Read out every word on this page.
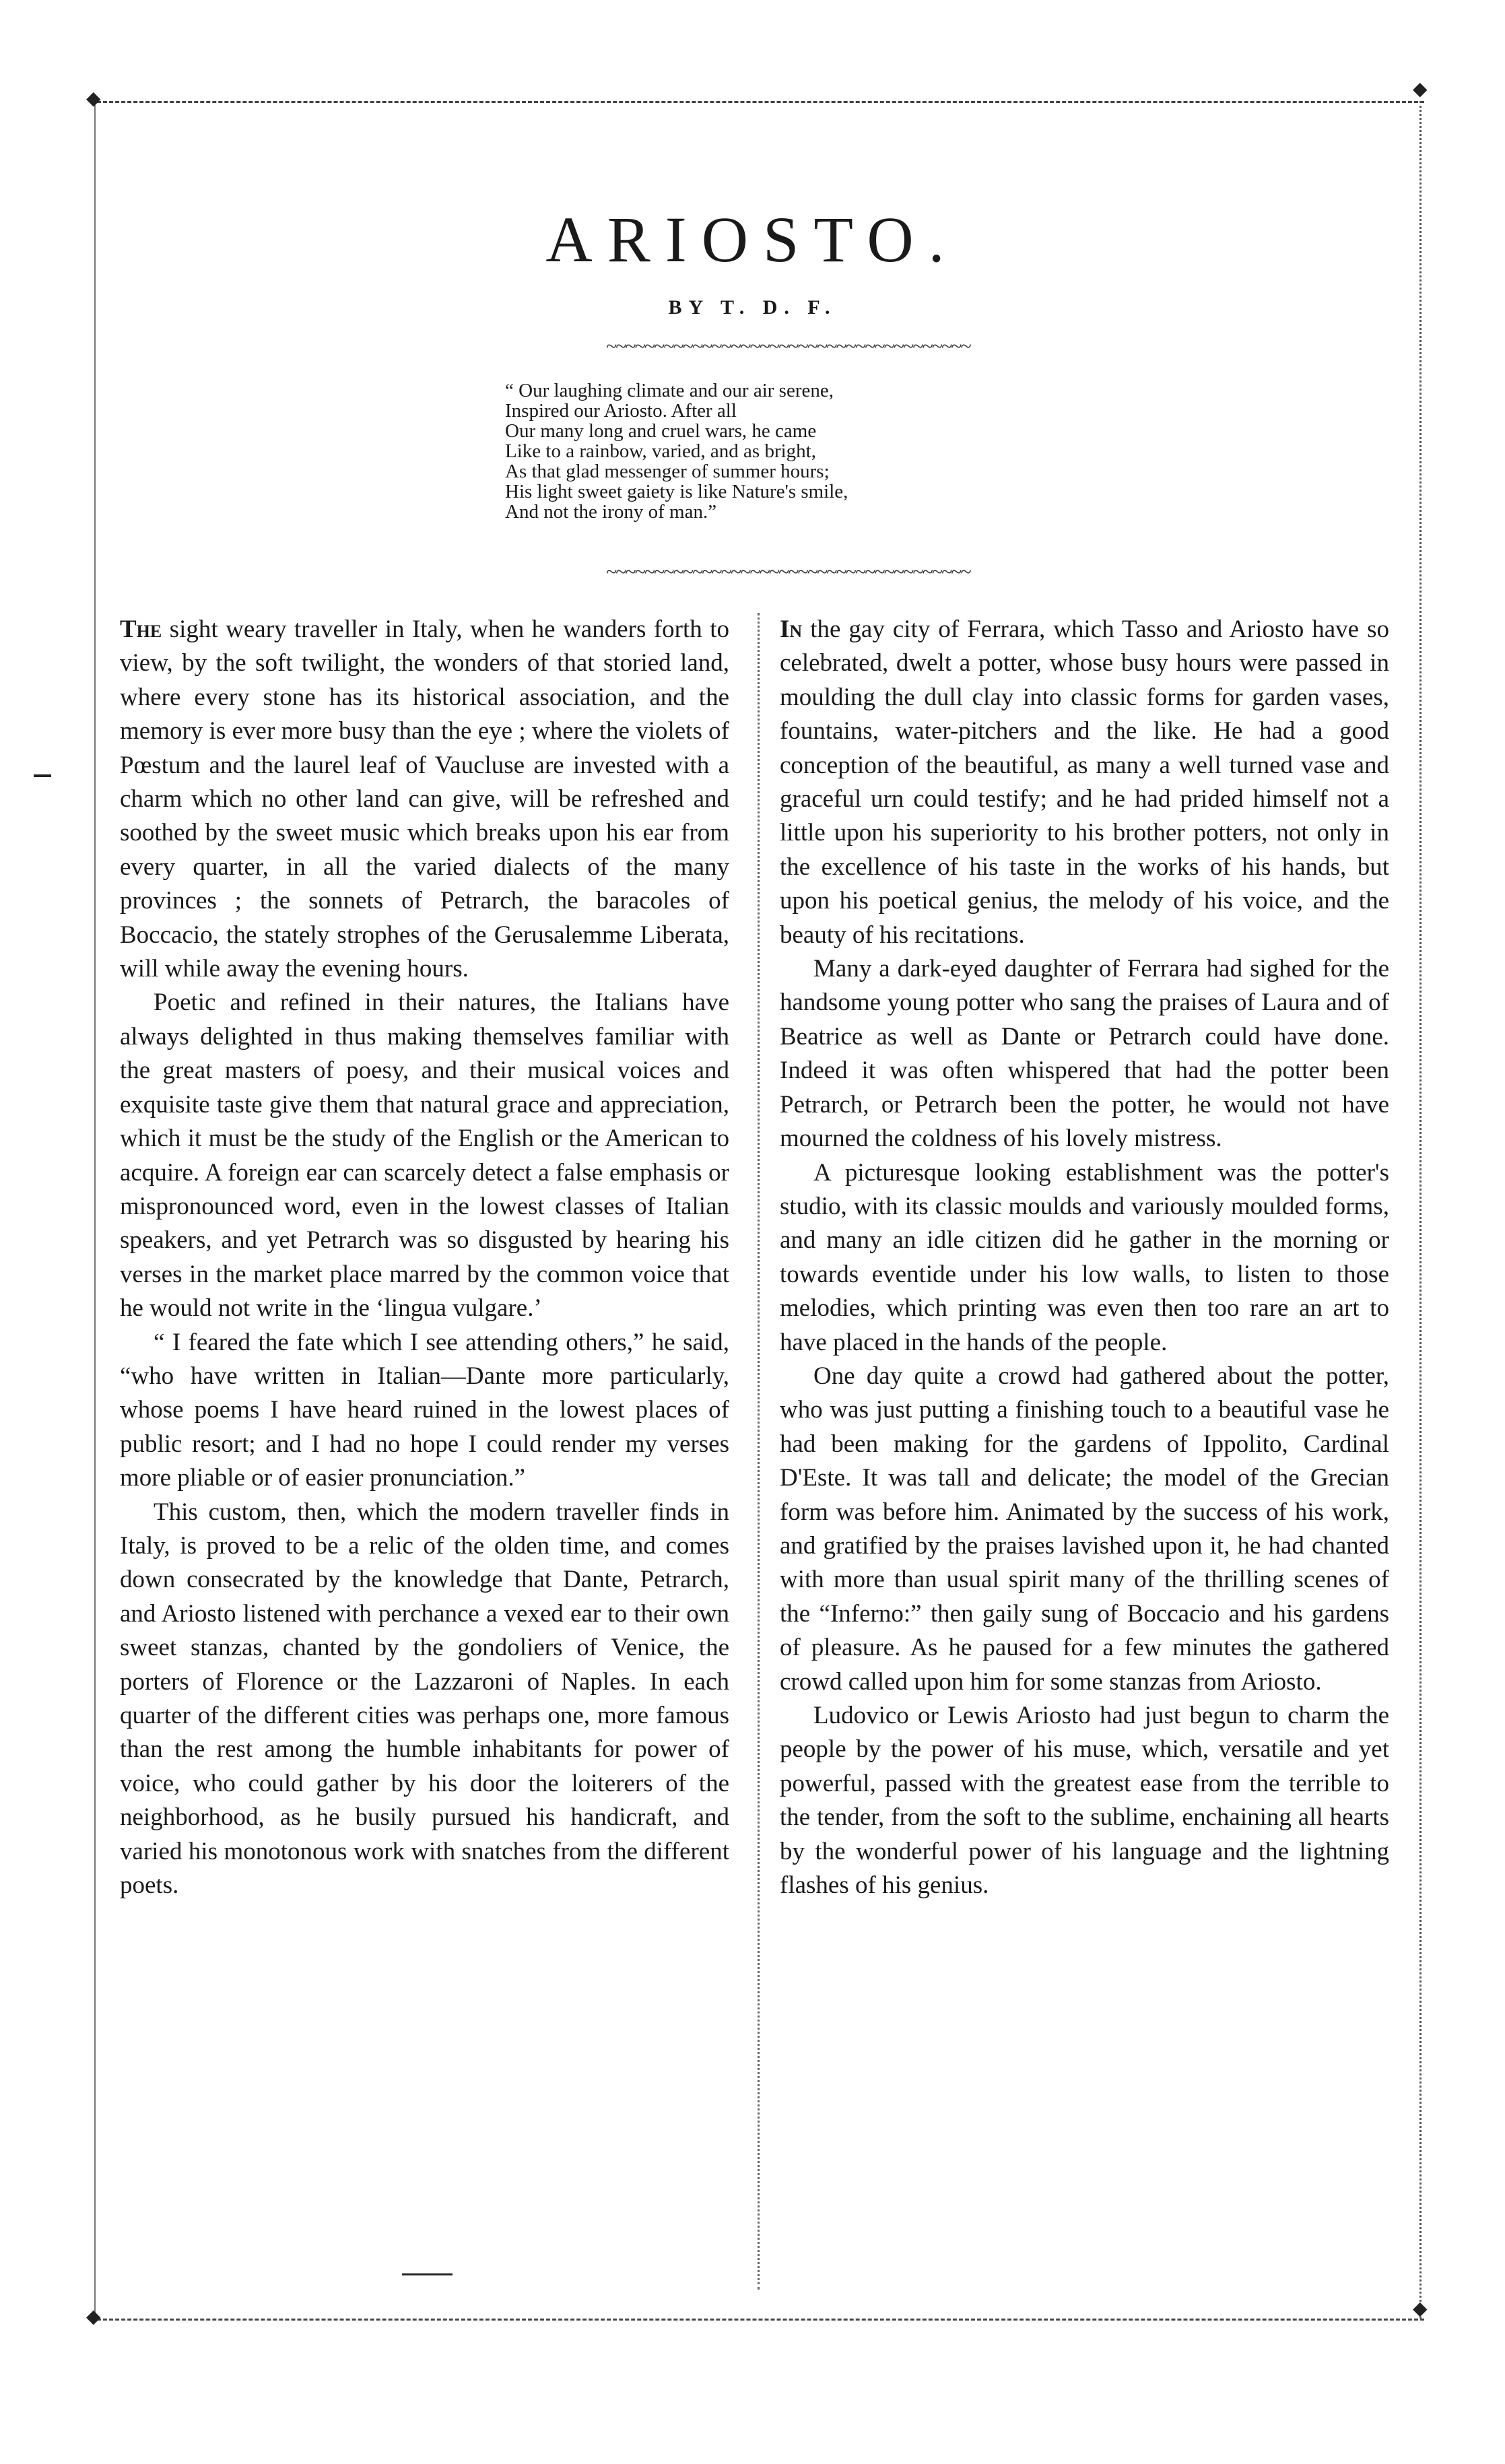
◆	◆
◆	◆
ARIOSTO.
BY T. D. F.
~~~~~~~~~~~~~~~~~~~~~~~~~~~~~~~~~~~~~~
“ Our laughing climate and our air serene,
Inspired our Ariosto. After all
Our many long and cruel wars, he came
Like to a rainbow, varied, and as bright,
As that glad messenger of summer hours;
His light sweet gaiety is like Nature's smile,
And not the irony of man.”
~~~~~~~~~~~~~~~~~~~~~~~~~~~~~~~~~~~~~~

The sight weary traveller in Italy, when he wanders forth to view, by the soft twilight, the wonders of that storied land, where every stone has its historical association, and the memory is ever more busy than the eye ; where the violets of Pœstum and the laurel leaf of Vaucluse are invested with a charm which no other land can give, will be refreshed and soothed by the sweet music which breaks upon his ear from every quarter, in all the varied dialects of the many provinces ; the sonnets of Petrarch, the baracoles of Boccacio, the stately strophes of the Gerusalemme Liberata, will while away the evening hours.

Poetic and refined in their natures, the Italians have always delighted in thus making themselves familiar with the great masters of poesy, and their musical voices and exquisite taste give them that natural grace and appreciation, which it must be the study of the English or the American to acquire. A foreign ear can scarcely detect a false emphasis or mispronounced word, even in the lowest classes of Italian speakers, and yet Petrarch was so disgusted by hearing his verses in the market place marred by the common voice that he would not write in the ‘lingua vulgare.’

“ I feared the fate which I see attending others,” he said, “who have written in Italian—Dante more particularly, whose poems I have heard ruined in the lowest places of public resort; and I had no hope I could render my verses more pliable or of easier pronunciation.”

This custom, then, which the modern traveller finds in Italy, is proved to be a relic of the olden time, and comes down consecrated by the knowledge that Dante, Petrarch, and Ariosto listened with perchance a vexed ear to their own sweet stanzas, chanted by the gondoliers of Venice, the porters of Florence or the Lazzaroni of Naples. In each quarter of the different cities was perhaps one, more famous than the rest among the humble inhabitants for power of voice, who could gather by his door the loiterers of the neighborhood, as he busily pursued his handicraft, and varied his monotonous work with snatches from the different poets.

In the gay city of Ferrara, which Tasso and Ariosto have so celebrated, dwelt a potter, whose busy hours were passed in moulding the dull clay into classic forms for garden vases, fountains, water-pitchers and the like. He had a good conception of the beautiful, as many a well turned vase and graceful urn could testify; and he had prided himself not a little upon his superiority to his brother potters, not only in the excellence of his taste in the works of his hands, but upon his poetical genius, the melody of his voice, and the beauty of his recitations.

Many a dark-eyed daughter of Ferrara had sighed for the handsome young potter who sang the praises of Laura and of Beatrice as well as Dante or Petrarch could have done. Indeed it was often whispered that had the potter been Petrarch, or Petrarch been the potter, he would not have mourned the coldness of his lovely mistress.

A picturesque looking establishment was the potter's studio, with its classic moulds and variously moulded forms, and many an idle citizen did he gather in the morning or towards eventide under his low walls, to listen to those melodies, which printing was even then too rare an art to have placed in the hands of the people.

One day quite a crowd had gathered about the potter, who was just putting a finishing touch to a beautiful vase he had been making for the gardens of Ippolito, Cardinal D'Este. It was tall and delicate; the model of the Grecian form was before him. Animated by the success of his work, and gratified by the praises lavished upon it, he had chanted with more than usual spirit many of the thrilling scenes of the “Inferno:” then gaily sung of Boccacio and his gardens of pleasure. As he paused for a few minutes the gathered crowd called upon him for some stanzas from Ariosto.

Ludovico or Lewis Ariosto had just begun to charm the people by the power of his muse, which, versatile and yet powerful, passed with the greatest ease from the terrible to the tender, from the soft to the sublime, enchaining all hearts by the wonderful power of his language and the lightning flashes of his genius.
